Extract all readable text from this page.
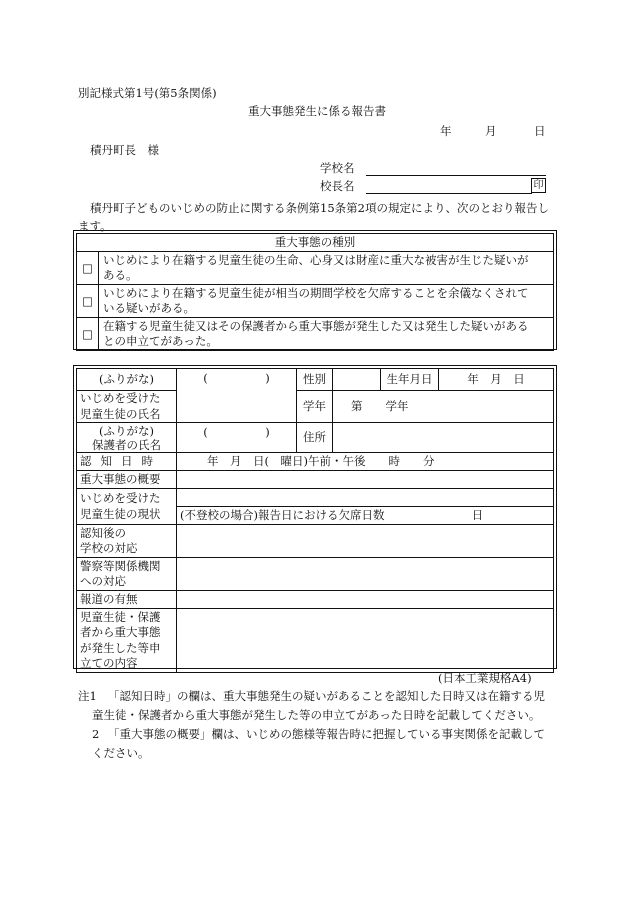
別記様式第1号(第5条関係)
重大事態発生に係る報告書
年	月	日
積丹町長　様
学校名
校長名	印
積丹町子どものいじめの防止に関する条例第15条第2項の規定により、次のとおり報告し
ます。
重大事態の種別	
□	いじめにより在籍する児童生徒の生命、心身又は財産に重大な被害が生じた疑いが
ある。
□	いじめにより在籍する児童生徒が相当の期間学校を欠席することを余儀なくされて
いる疑いがある。
□	在籍する児童生徒又はその保護者から重大事態が発生した又は発生した疑いがある
との申立てがあった。
(ふりがな)	(　　　　　)	性別		生年月日	年　月　日
いじめを受けた
児童生徒の氏名		学年	第　　学年		
(ふりがな)
保護者の氏名	(　　　　　)	住所			
認知日時	年　月　日(　曜日)午前・午後　　時　　分				
重大事態の概要					
いじめを受けた
児童生徒の現状					
	(不登校の場合)報告日における欠席日数 日				
認知後の
学校の対応					
警察等関係機関
への対応					
報道の有無					
児童生徒・保護
者から重大事態
が発生した等申
立ての内容					
(日本工業規格A4)
注1 「認知日時」の欄は、重大事態発生の疑いがあることを認知した日時又は在籍する児
童生徒・保護者から重大事態が発生した等の申立てがあった日時を記載してください。
2 「重大事態の概要」欄は、いじめの態様等報告時に把握している事実関係を記載して
ください。
